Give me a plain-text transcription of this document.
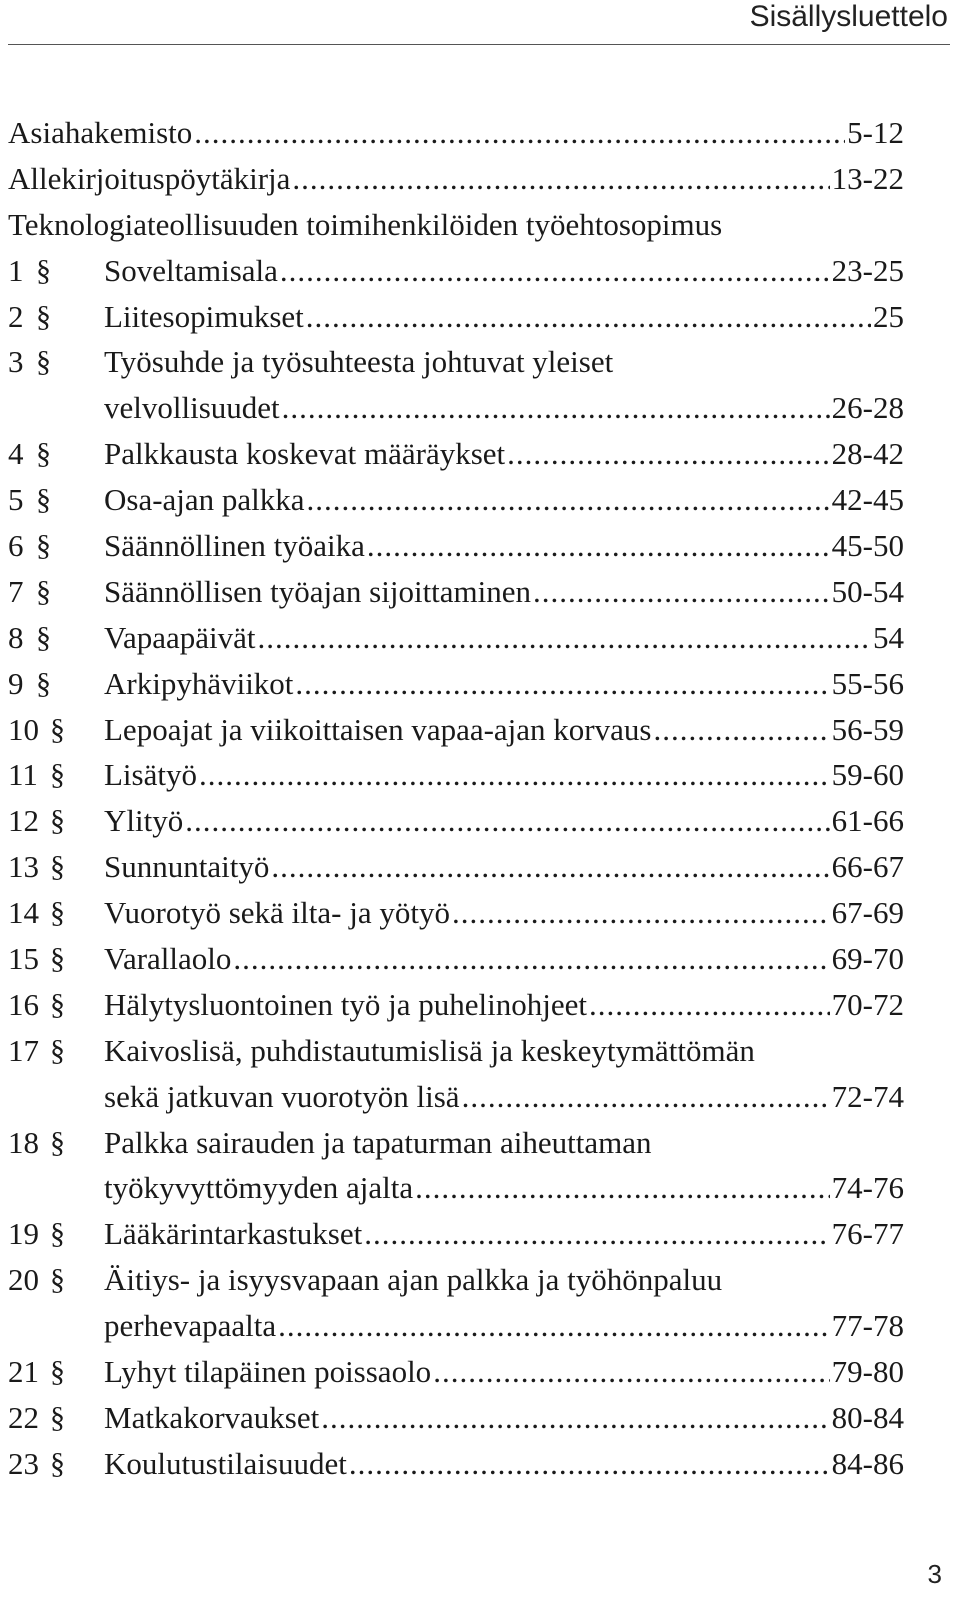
Sisällysluettelo
Asiahakemisto .....	5-12
Allekirjoituspöytäkirja .....	13-22
Teknologiateollisuuden toimihenkilöiden työehtosopimus
1 § Soveltamisala .....	23-25
2 § Liitesopimukset .....	25
3 § Työsuhde ja työsuhteesta johtuvat yleiset
velvollisuudet .....	26-28
4 § Palkkausta koskevat määräykset .....	28-42
5 § Osa-ajan palkka .....	42-45
6 § Säännöllinen työaika .....	45-50
7 § Säännöllisen työajan sijoittaminen .....	50-54
8 § Vapaapäivät .....	54
9 § Arkipyhäviikot .....	55-56
10 § Lepoajat ja viikoittaisen vapaa-ajan korvaus .....	56-59
11 § Lisätyö .....	59-60
12 § Ylityö .....	61-66
13 § Sunnuntaityö .....	66-67
14 § Vuorotyö sekä ilta- ja yötyö .....	67-69
15 § Varallaolo .....	69-70
16 § Hälytysluontoinen työ ja puhelinohjeet .....	70-72
17 § Kaivoslisä, puhdistautumislisä ja keskeytymättömän
sekä jatkuvan vuorotyön lisä .....	72-74
18 § Palkka sairauden ja tapaturman aiheuttaman
työkyvyttömyyden ajalta .....	74-76
19 § Lääkärintarkastukset .....	76-77
20 § Äitiys- ja isyysvapaan ajan palkka ja työhönpaluu
perhevapaalta .....	77-78
21 § Lyhyt tilapäinen poissaolo .....	79-80
22 § Matkakorvaukset .....	80-84
23 § Koulutustilaisuudet .....	84-86
3
